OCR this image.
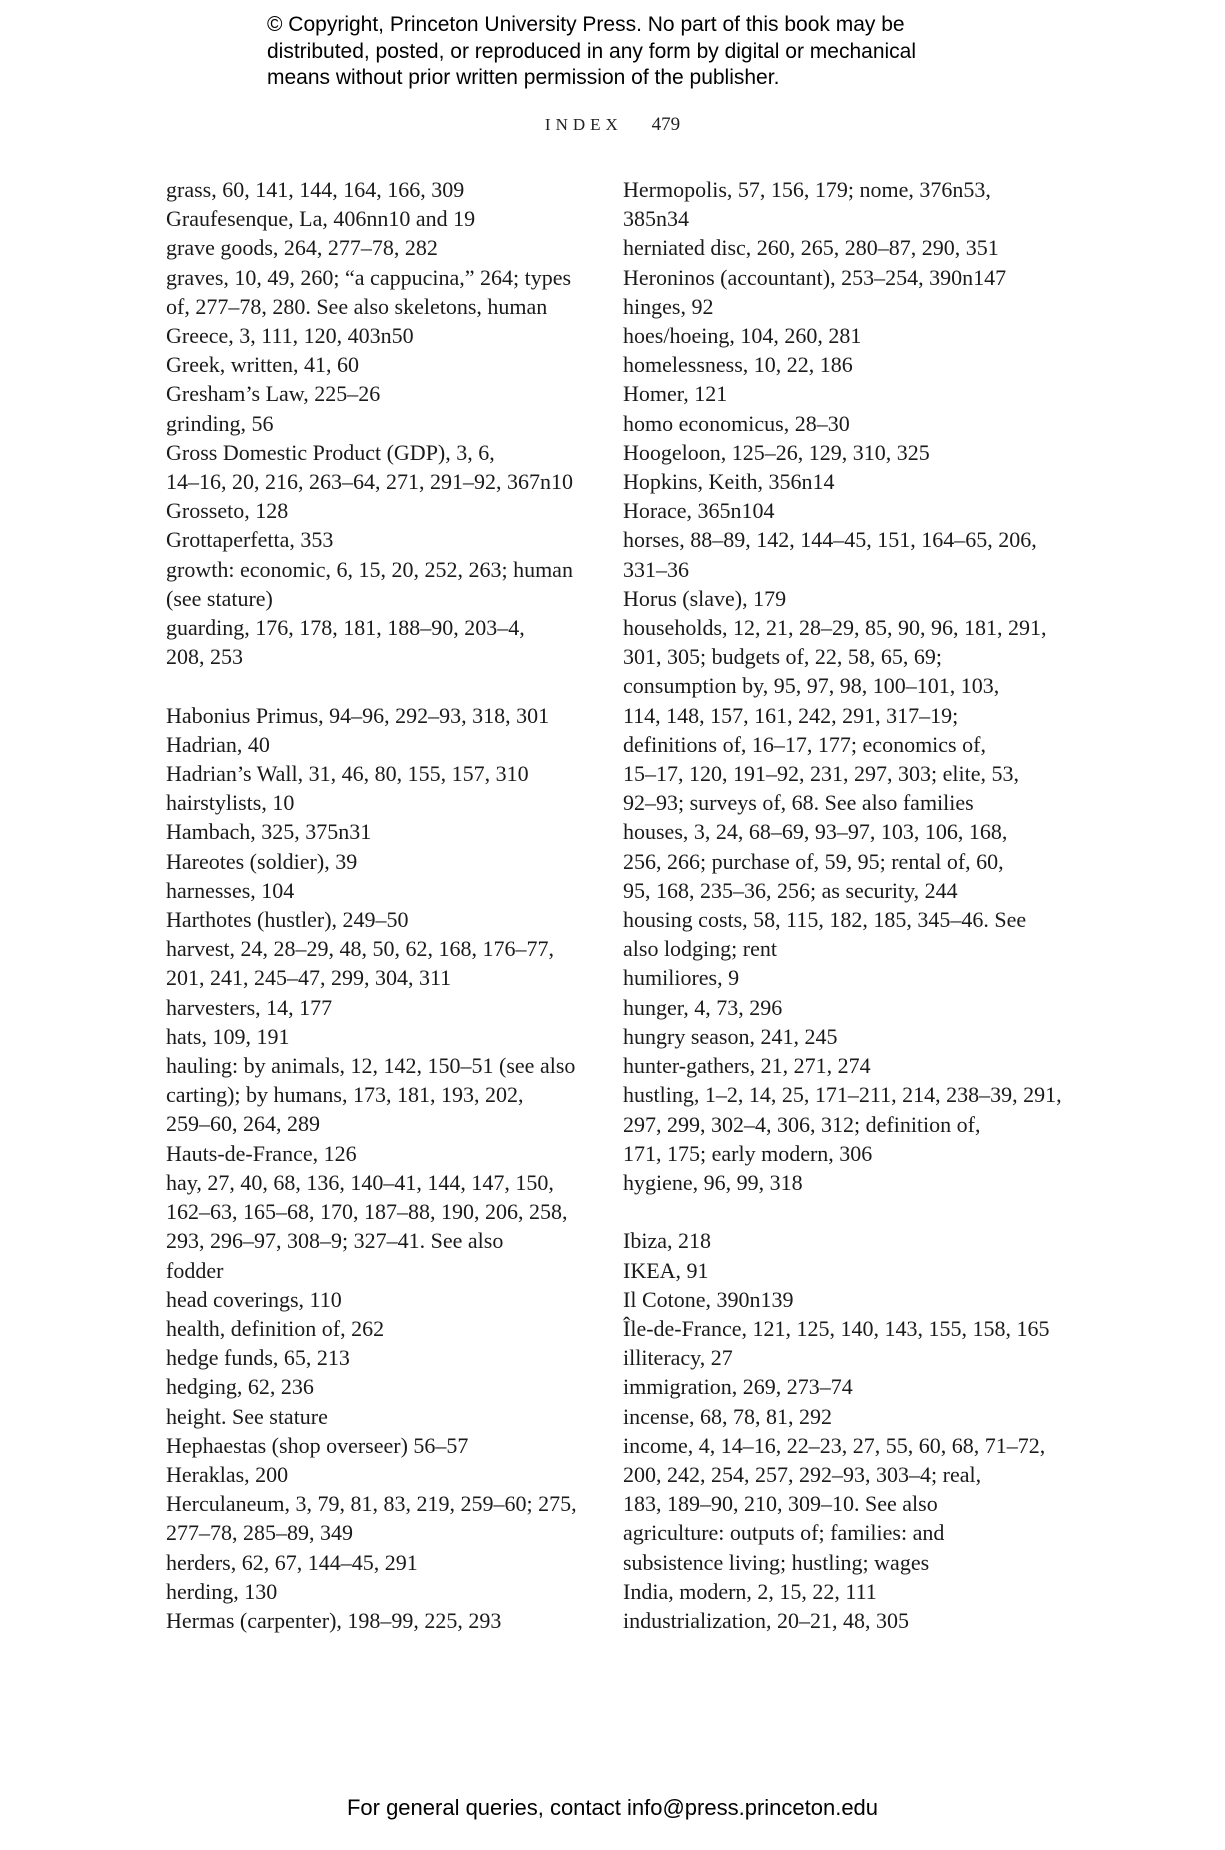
© Copyright, Princeton University Press. No part of this book may be
distributed, posted, or reproduced in any form by digital or mechanical
means without prior written permission of the publisher.
INDEX 479
grass, 60, 141, 144, 164, 166, 309
Graufesenque, La, 406nn10 and 19
grave goods, 264, 277–78, 282
graves, 10, 49, 260; “a cappucina,” 264; types
of, 277–78, 280. See also skeletons, human
Greece, 3, 111, 120, 403n50
Greek, written, 41, 60
Gresham’s Law, 225–26
grinding, 56
Gross Domestic Product (GDP), 3, 6,
14–16, 20, 216, 263–64, 271, 291–92, 367n10
Grosseto, 128
Grottaperfetta, 353
growth: economic, 6, 15, 20, 252, 263; human
(see stature)
guarding, 176, 178, 181, 188–90, 203–4,
208, 253
Habonius Primus, 94–96, 292–93, 318, 301
Hadrian, 40
Hadrian’s Wall, 31, 46, 80, 155, 157, 310
hairstylists, 10
Hambach, 325, 375n31
Hareotes (soldier), 39
harnesses, 104
Harthotes (hustler), 249–50
harvest, 24, 28–29, 48, 50, 62, 168, 176–77,
201, 241, 245–47, 299, 304, 311
harvesters, 14, 177
hats, 109, 191
hauling: by animals, 12, 142, 150–51 (see also
carting); by humans, 173, 181, 193, 202,
259–60, 264, 289
Hauts-de-France, 126
hay, 27, 40, 68, 136, 140–41, 144, 147, 150,
162–63, 165–68, 170, 187–88, 190, 206, 258,
293, 296–97, 308–9; 327–41. See also
fodder
head coverings, 110
health, definition of, 262
hedge funds, 65, 213
hedging, 62, 236
height. See stature
Hephaestas (shop overseer) 56–57
Heraklas, 200
Herculaneum, 3, 79, 81, 83, 219, 259–60; 275,
277–78, 285–89, 349
herders, 62, 67, 144–45, 291
herding, 130
Hermas (carpenter), 198–99, 225, 293
Hermopolis, 57, 156, 179; nome, 376n53,
385n34
herniated disc, 260, 265, 280–87, 290, 351
Heroninos (accountant), 253–254, 390n147
hinges, 92
hoes/hoeing, 104, 260, 281
homelessness, 10, 22, 186
Homer, 121
homo economicus, 28–30
Hoogeloon, 125–26, 129, 310, 325
Hopkins, Keith, 356n14
Horace, 365n104
horses, 88–89, 142, 144–45, 151, 164–65, 206,
331–36
Horus (slave), 179
households, 12, 21, 28–29, 85, 90, 96, 181, 291,
301, 305; budgets of, 22, 58, 65, 69;
consumption by, 95, 97, 98, 100–101, 103,
114, 148, 157, 161, 242, 291, 317–19;
definitions of, 16–17, 177; economics of,
15–17, 120, 191–92, 231, 297, 303; elite, 53,
92–93; surveys of, 68. See also families
houses, 3, 24, 68–69, 93–97, 103, 106, 168,
256, 266; purchase of, 59, 95; rental of, 60,
95, 168, 235–36, 256; as security, 244
housing costs, 58, 115, 182, 185, 345–46. See
also lodging; rent
humiliores, 9
hunger, 4, 73, 296
hungry season, 241, 245
hunter-gathers, 21, 271, 274
hustling, 1–2, 14, 25, 171–211, 214, 238–39, 291,
297, 299, 302–4, 306, 312; definition of,
171, 175; early modern, 306
hygiene, 96, 99, 318
Ibiza, 218
IKEA, 91
Il Cotone, 390n139
Île-de-France, 121, 125, 140, 143, 155, 158, 165
illiteracy, 27
immigration, 269, 273–74
incense, 68, 78, 81, 292
income, 4, 14–16, 22–23, 27, 55, 60, 68, 71–72,
200, 242, 254, 257, 292–93, 303–4; real,
183, 189–90, 210, 309–10. See also
agriculture: outputs of; families: and
subsistence living; hustling; wages
India, modern, 2, 15, 22, 111
industrialization, 20–21, 48, 305
For general queries, contact info@press.princeton.edu
